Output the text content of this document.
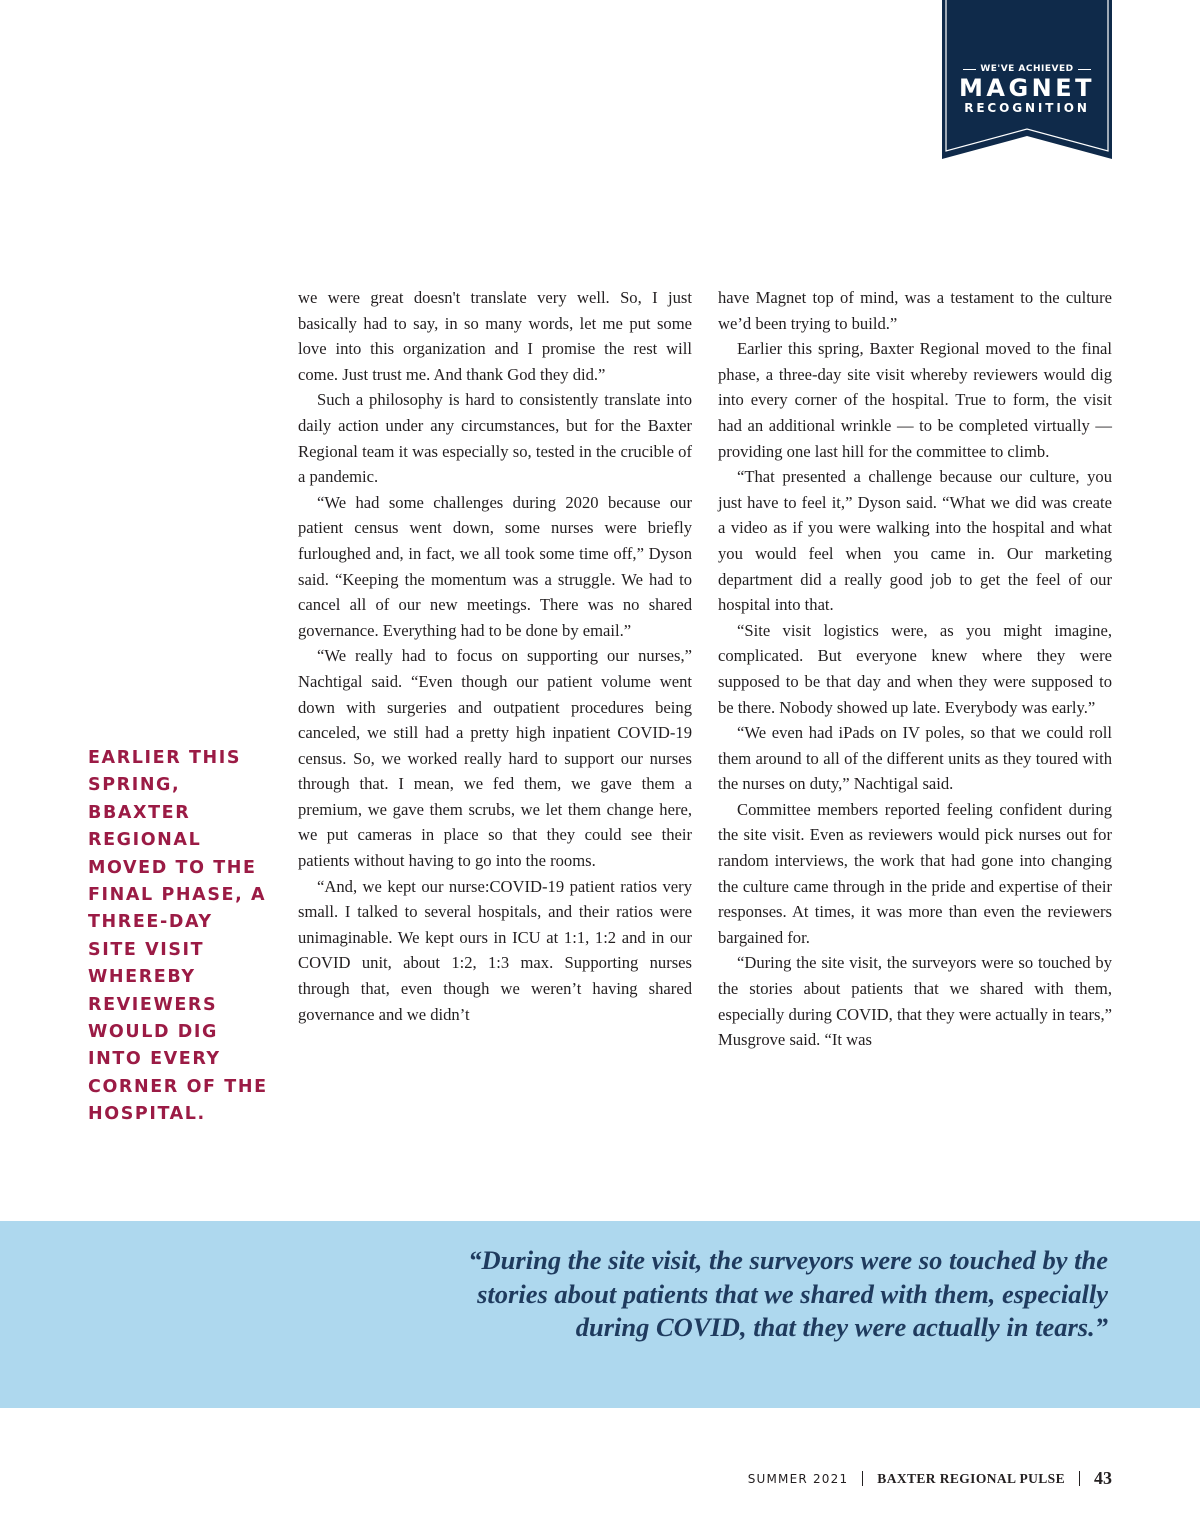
WE'VE ACHIEVED
MAGNET
RECOGNITION

we were great doesn't translate very well. So, I just basically had to say, in so many words, let me put some love into this organization and I promise the rest will come. Just trust me. And thank God they did.”

Such a philosophy is hard to consistently translate into daily action under any circumstances, but for the Baxter Regional team it was especially so, tested in the crucible of a pandemic.

“We had some challenges during 2020 because our patient census went down, some nurses were briefly furloughed and, in fact, we all took some time off,” Dyson said. “Keeping the momentum was a struggle. We had to cancel all of our new meetings. There was no shared governance. Everything had to be done by email.”

“We really had to focus on supporting our nurses,” Nachtigal said. “Even though our patient volume went down with surgeries and outpatient procedures being canceled, we still had a pretty high inpatient COVID-19 census. So, we worked really hard to support our nurses through that. I mean, we fed them, we gave them a premium, we gave them scrubs, we let them change here, we put cameras in place so that they could see their patients without having to go into the rooms.

“And, we kept our nurse:COVID-19 patient ratios very small. I talked to several hospitals, and their ratios were unimaginable. We kept ours in ICU at 1:1, 1:2 and in our COVID unit, about 1:2, 1:3 max. Supporting nurses through that, even though we weren’t having shared governance and we didn’t

have Magnet top of mind, was a testament to the culture we’d been trying to build.”

Earlier this spring, Baxter Regional moved to the final phase, a three-day site visit whereby reviewers would dig into every corner of the hospital. True to form, the visit had an additional wrinkle — to be completed virtually — providing one last hill for the committee to climb.

“That presented a challenge because our culture, you just have to feel it,” Dyson said. “What we did was create a video as if you were walking into the hospital and what you would feel when you came in. Our marketing department did a really good job to get the feel of our hospital into that.

“Site visit logistics were, as you might imagine, complicated. But everyone knew where they were supposed to be that day and when they were supposed to be there. Nobody showed up late. Everybody was early.”

“We even had iPads on IV poles, so that we could roll them around to all of the different units as they toured with the nurses on duty,” Nachtigal said.

Committee members reported feeling confident during the site visit. Even as reviewers would pick nurses out for random interviews, the work that had gone into changing the culture came through in the pride and expertise of their responses. At times, it was more than even the reviewers bargained for.

“During the site visit, the surveyors were so touched by the stories about patients that we shared with them, especially during COVID, that they were actually in tears,” Musgrove said. “It was

EARLIER THIS SPRING, BBAXTER REGIONAL MOVED TO THE FINAL PHASE, A THREE-DAY SITE VISIT WHEREBY REVIEWERS WOULD DIG INTO EVERY CORNER OF THE HOSPITAL.
“During the site visit, the surveyors were so touched by the stories about patients that we shared with them, especially during COVID, that they were actually in tears.”
SUMMER 2021 BAXTER REGIONAL PULSE 43
